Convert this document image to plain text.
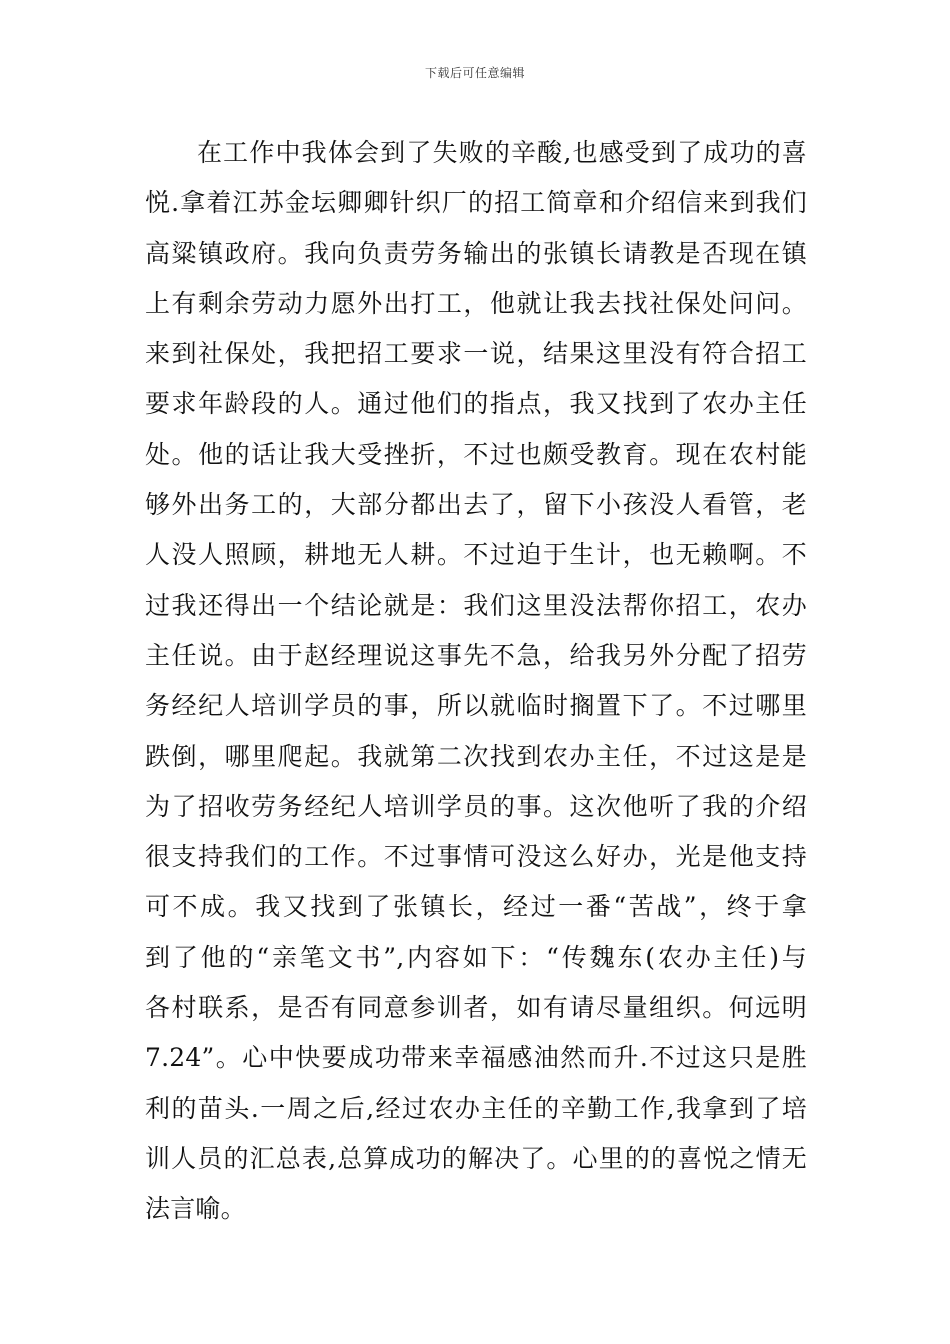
下载后可任意编辑
在工作中我体会到了失败的辛酸,也感受到了成功的喜
悦.拿着江苏金坛卿卿针织厂的招工简章和介绍信来到我们
高粱镇政府。我向负责劳务输出的张镇长请教是否现在镇
上有剩余劳动力愿外出打工，他就让我去找社保处问问。
来到社保处，我把招工要求一说，结果这里没有符合招工
要求年龄段的人。通过他们的指点，我又找到了农办主任
处。他的话让我大受挫折，不过也颇受教育。现在农村能
够外出务工的，大部分都出去了，留下小孩没人看管，老
人没人照顾，耕地无人耕。不过迫于生计，也无赖啊。不
过我还得出一个结论就是：我们这里没法帮你招工，农办
主任说。由于赵经理说这事先不急，给我另外分配了招劳
务经纪人培训学员的事，所以就临时搁置下了。不过哪里
跌倒，哪里爬起。我就第二次找到农办主任，不过这是是
为了招收劳务经纪人培训学员的事。这次他听了我的介绍
很支持我们的工作。不过事情可没这么好办，光是他支持
可不成。我又找到了张镇长，经过一番“苦战”，终于拿
到了他的“亲笔文书”,内容如下：“传魏东(农办主任)与
各村联系，是否有同意参训者，如有请尽量组织。何远明
7.24”。心中快要成功带来幸福感油然而升.不过这只是胜
利的苗头.一周之后,经过农办主任的辛勤工作,我拿到了培
训人员的汇总表,总算成功的解决了。心里的的喜悦之情无
法言喻。
